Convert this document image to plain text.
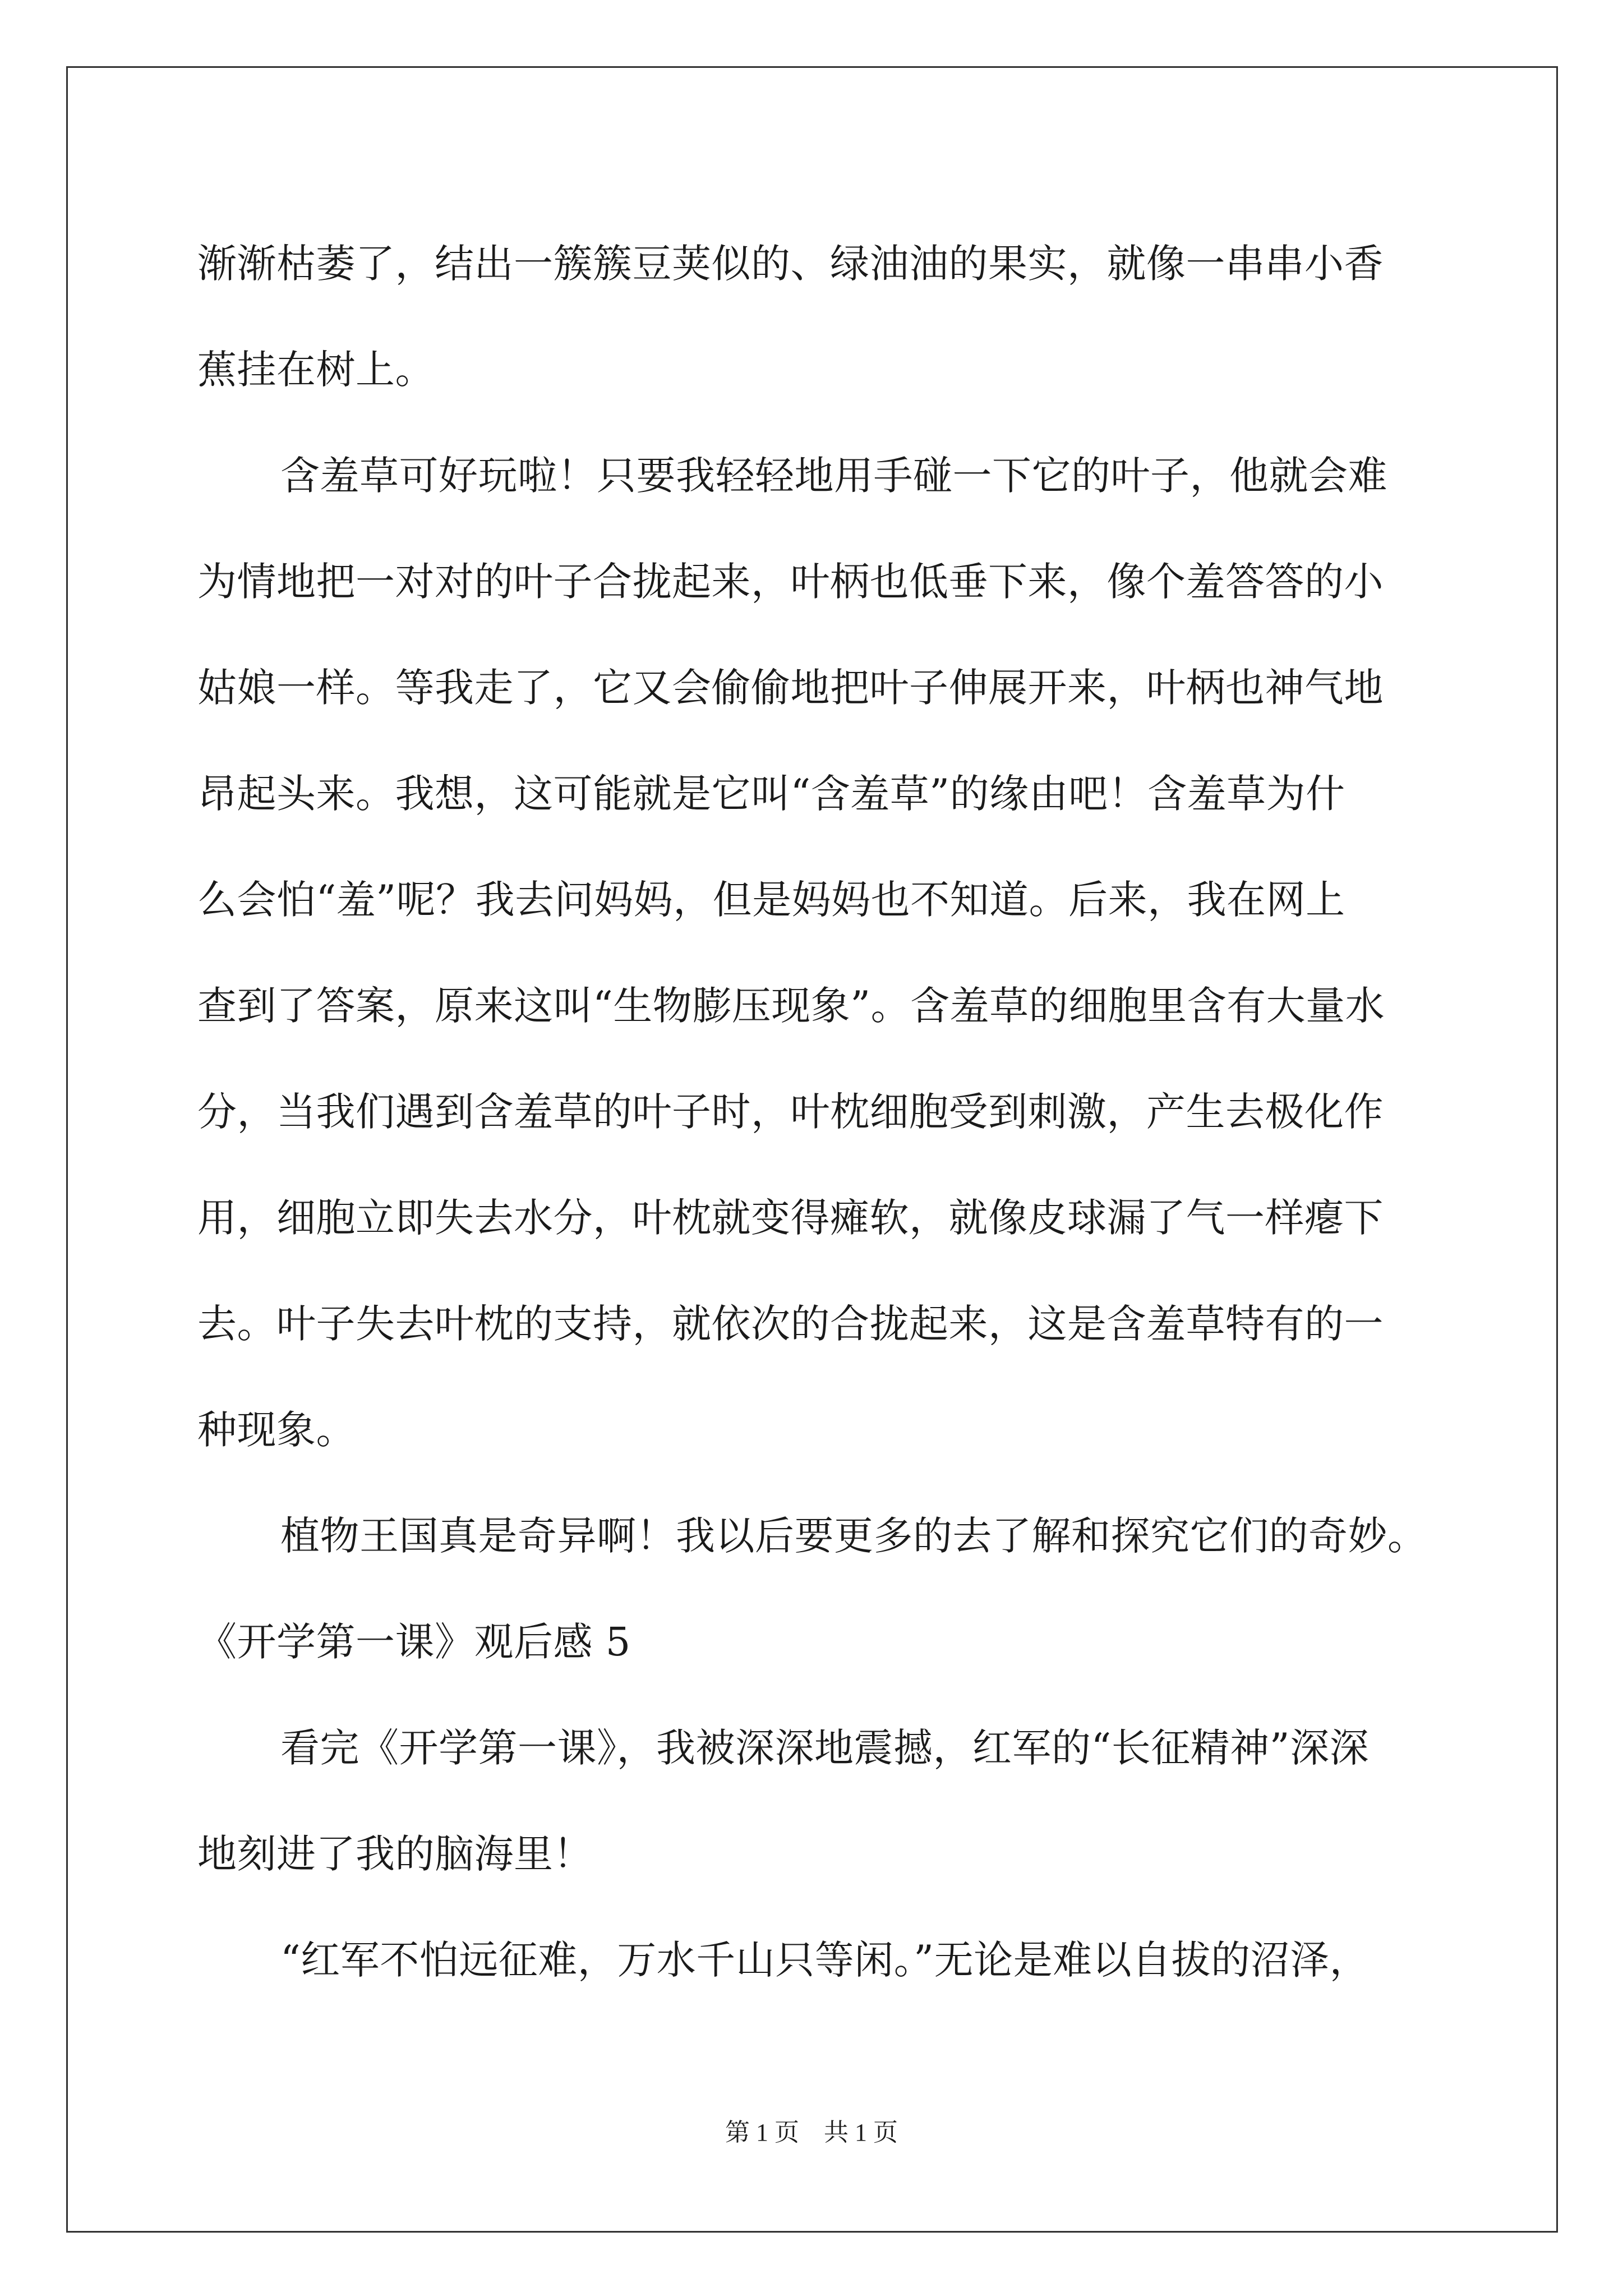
渐渐枯萎了，结出一簇簇豆荚似的、绿油油的果实，就像一串串小香
蕉挂在树上。
含羞草可好玩啦！只要我轻轻地用手碰一下它的叶子，他就会难
为情地把一对对的叶子合拢起来，叶柄也低垂下来，像个羞答答的小
姑娘一样。等我走了，它又会偷偷地把叶子伸展开来，叶柄也神气地
昂起头来。我想，这可能就是它叫“含羞草”的缘由吧！含羞草为什
么会怕“羞”呢？我去问妈妈，但是妈妈也不知道。后来，我在网上
查到了答案，原来这叫“生物膨压现象”。含羞草的细胞里含有大量水
分，当我们遇到含羞草的叶子时，叶枕细胞受到刺激，产生去极化作
用，细胞立即失去水分，叶枕就变得瘫软，就像皮球漏了气一样瘪下
去。叶子失去叶枕的支持，就依次的合拢起来，这是含羞草特有的一
种现象。
植物王国真是奇异啊！我以后要更多的去了解和探究它们的奇妙。
《开学第一课》观后感 5
看完《开学第一课》，我被深深地震撼，红军的“长征精神”深深
地刻进了我的脑海里！
“红军不怕远征难，万水千山只等闲。”无论是难以自拔的沼泽，
第 1 页　共 1 页
